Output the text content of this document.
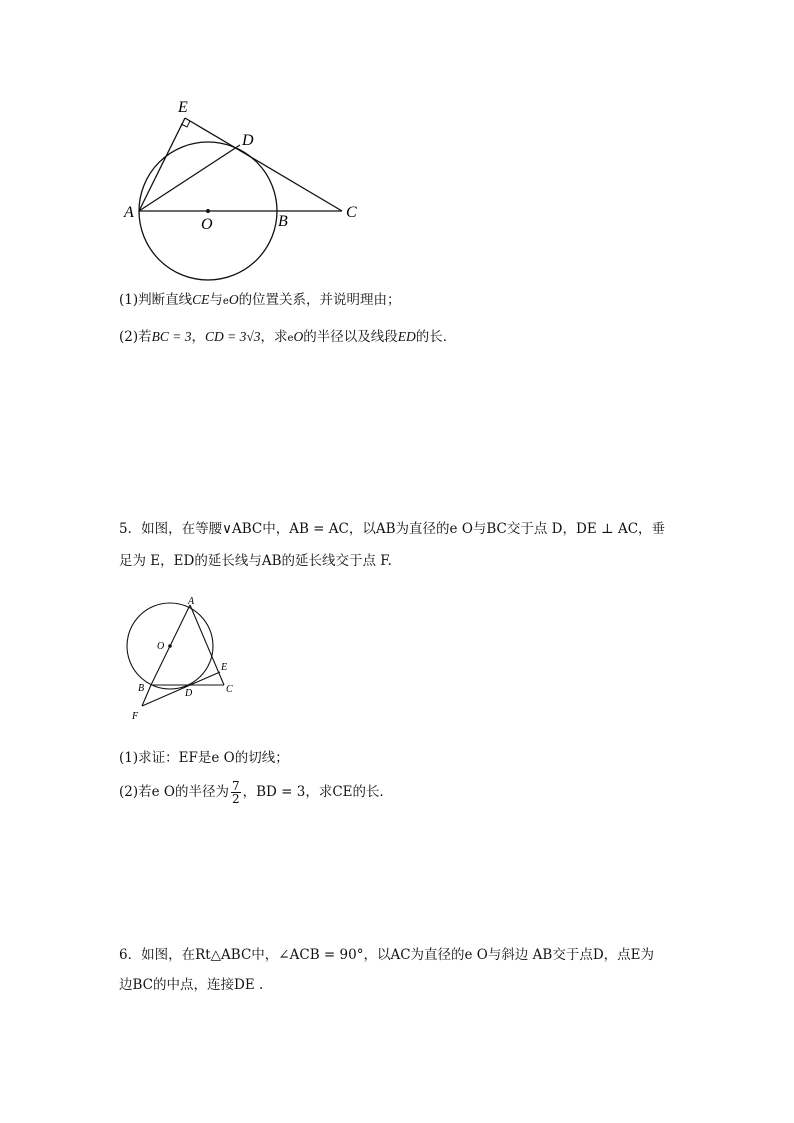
E
D
A
O	B
C
(1)判断直线CE与eO的位置关系，并说明理由；
(2)若BC = 3，CD = 3√3，求eO的半径以及线段ED的长．
5．如图，在等腰∨ABC中，AB = AC，以AB为直径的e O与BC交于点 D，DE ⊥ AC，垂
足为 E，ED的延长线与AB的延长线交于点 F.
A
O
E
B	D	C
F
(1)求证：EF是e O的切线；
(2)若e O的半径为 $\frac{7}{2}$ ，BD = 3，求CE的长．
6．如图，在Rt△ABC中，∠ACB = 90°，以AC为直径的e O与斜边 AB交于点D，点E为
边BC的中点，连接DE .
